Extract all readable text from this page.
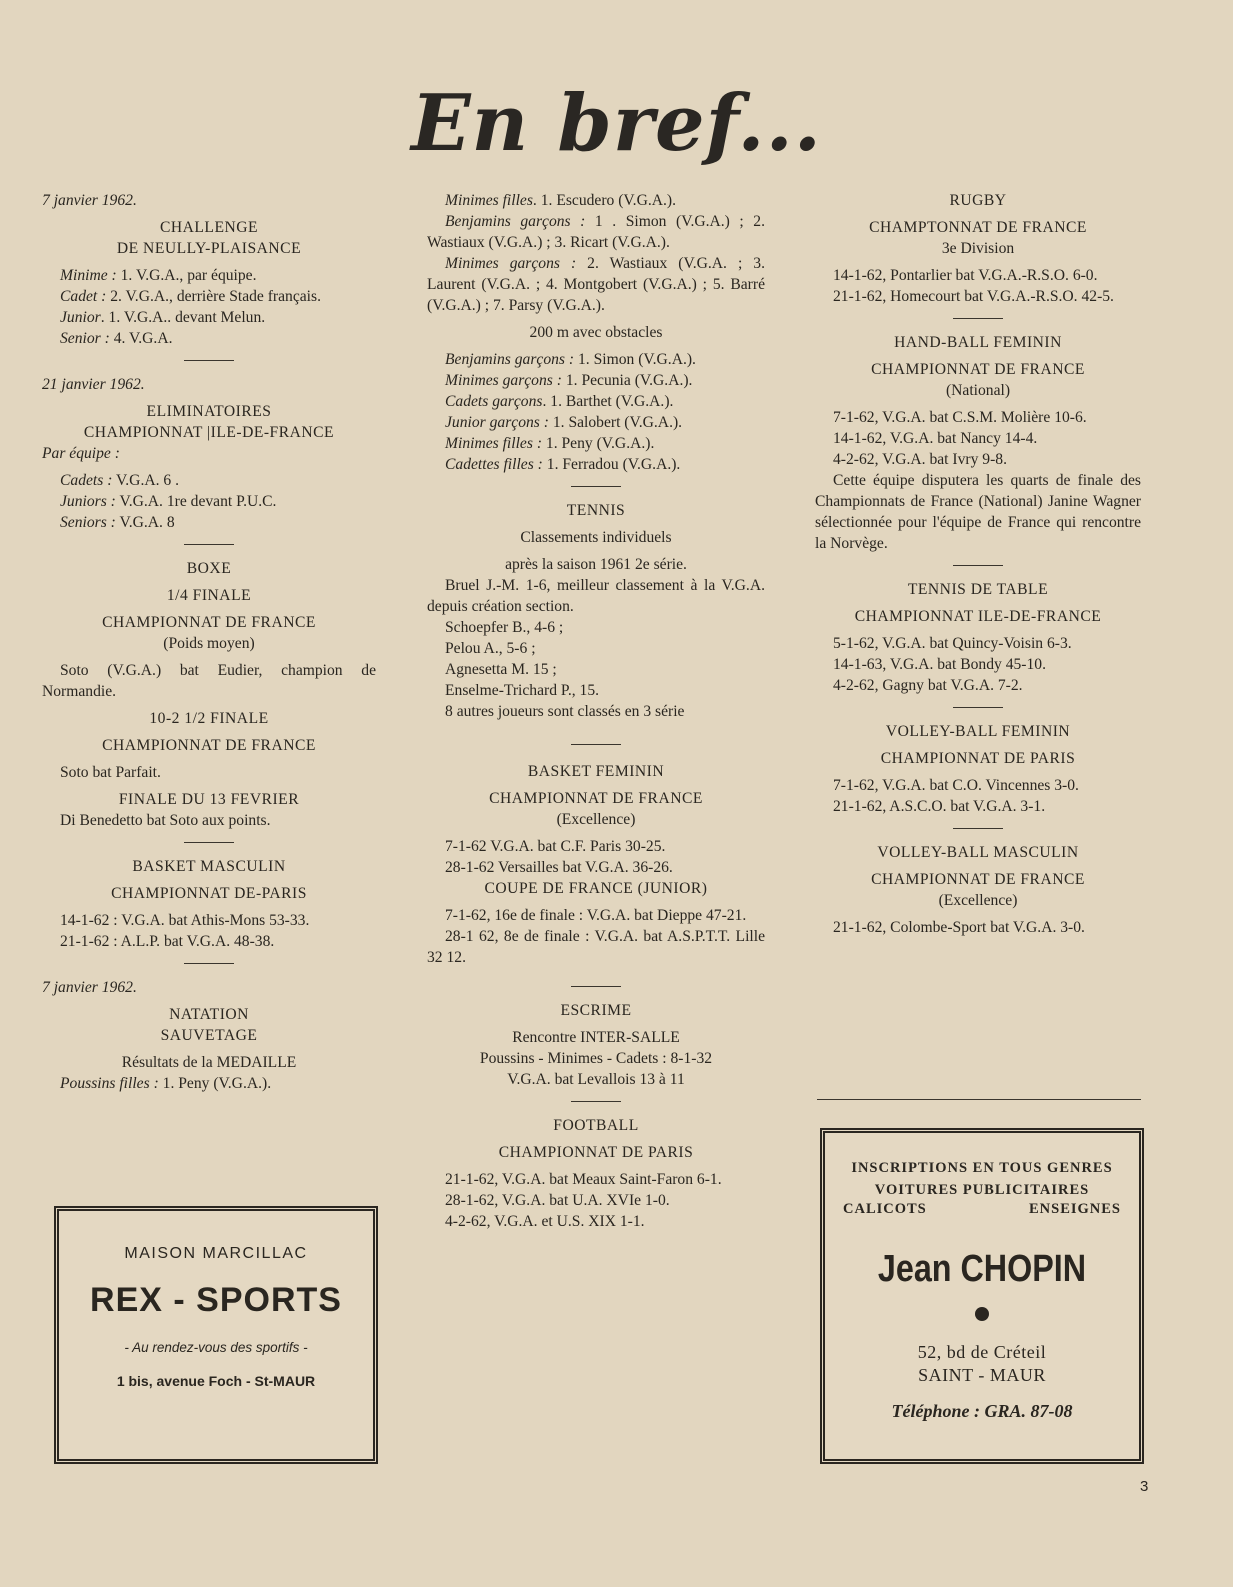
En bref...

7 janvier 1962.

CHALLENGE

DE NEULLY-PLAISANCE

Minime : 1. V.G.A., par équipe.

Cadet : 2. V.G.A., derrière Stade français.

Junior. 1. V.G.A.. devant Melun.

Senior : 4. V.G.A.

21 janvier 1962.

ELIMINATOIRES

CHAMPIONNAT |ILE-DE-FRANCE

Par équipe :

Cadets : V.G.A. 6 .

Juniors : V.G.A. 1re devant P.U.C.

Seniors : V.G.A. 8

BOXE

1/4 FINALE

CHAMPIONNAT DE FRANCE

(Poids moyen)

Soto (V.G.A.) bat Eudier, champion de Normandie.

10-2 1/2 FINALE

CHAMPIONNAT DE FRANCE

Soto bat Parfait.

FINALE DU 13 FEVRIER

Di Benedetto bat Soto aux points.

BASKET MASCULIN

CHAMPIONNAT DE-PARIS

14-1-62 : V.G.A. bat Athis-Mons 53-33.

21-1-62 : A.L.P. bat V.G.A. 48-38.

7 janvier 1962.

NATATION

SAUVETAGE

Résultats de la MEDAILLE

Poussins filles : 1. Peny (V.G.A.).

Minimes filles. 1. Escudero (V.G.A.).

Benjamins garçons : 1 . Simon (V.G.A.) ; 2. Wastiaux (V.G.A.) ; 3. Ricart (V.G.A.).

Minimes garçons : 2. Wastiaux (V.G.A. ; 3. Laurent (V.G.A. ; 4. Montgobert (V.G.A.) ; 5. Barré (V.G.A.) ; 7. Parsy (V.G.A.).

200 m avec obstacles

Benjamins garçons : 1. Simon (V.G.A.).

Minimes garçons : 1. Pecunia (V.G.A.).

Cadets garçons. 1. Barthet (V.G.A.).

Junior garçons : 1. Salobert (V.G.A.).

Minimes filles : 1. Peny (V.G.A.).

Cadettes filles : 1. Ferradou (V.G.A.).

TENNIS

Classements individuels

après la saison 1961 2e série.

Bruel J.-M. 1-6, meilleur classement à la V.G.A. depuis création section.

Schoepfer B., 4-6 ;

Pelou A., 5-6 ;

Agnesetta M. 15 ;

Enselme-Trichard P., 15.

8 autres joueurs sont classés en 3 série

BASKET FEMININ

CHAMPIONNAT DE FRANCE

(Excellence)

7-1-62 V.G.A. bat C.F. Paris 30-25.

28-1-62 Versailles bat V.G.A. 36-26.

COUPE DE FRANCE (JUNIOR)

7-1-62, 16e de finale : V.G.A. bat Dieppe 47-21.

28-1 62, 8e de finale : V.G.A. bat A.S.P.T.T. Lille 32 12.

ESCRIME

Rencontre INTER-SALLE

Poussins - Minimes - Cadets : 8-1-32

V.G.A. bat Levallois 13 à 11

FOOTBALL

CHAMPIONNAT DE PARIS

21-1-62, V.G.A. bat Meaux Saint-Faron 6-1.

28-1-62, V.G.A. bat U.A. XVIe 1-0.

4-2-62, V.G.A. et U.S. XIX 1-1.

RUGBY

CHAMPTONNAT DE FRANCE

3e Division

14-1-62, Pontarlier bat V.G.A.-R.S.O. 6-0.

21-1-62, Homecourt bat V.G.A.-R.S.O. 42-5.

HAND-BALL FEMININ

CHAMPIONNAT DE FRANCE

(National)

7-1-62, V.G.A. bat C.S.M. Molière 10-6.

14-1-62, V.G.A. bat Nancy 14-4.

4-2-62, V.G.A. bat Ivry 9-8.

Cette équipe disputera les quarts de finale des Championnats de France (National) Janine Wagner sélectionnée pour l'équipe de France qui rencontre la Norvège.

TENNIS DE TABLE

CHAMPIONNAT ILE-DE-FRANCE

5-1-62, V.G.A. bat Quincy-Voisin 6-3.

14-1-63, V.G.A. bat Bondy 45-10.

4-2-62, Gagny bat V.G.A. 7-2.

VOLLEY-BALL FEMININ

CHAMPIONNAT DE PARIS

7-1-62, V.G.A. bat C.O. Vincennes 3-0.

21-1-62, A.S.C.O. bat V.G.A. 3-1.

VOLLEY-BALL MASCULIN

CHAMPIONNAT DE FRANCE

(Excellence)

21-1-62, Colombe-Sport bat V.G.A. 3-0.

MAISON MARCILLAC
REX - SPORTS
- Au rendez-vous des sportifs -
1 bis, avenue Foch - St-MAUR
INSCRIPTIONS EN TOUS GENRES
VOITURES PUBLICITAIRES
CALICOTS	ENSEIGNES
Jean CHOPIN
52, bd de Créteil
SAINT - MAUR
Téléphone : GRA. 87-08
3
